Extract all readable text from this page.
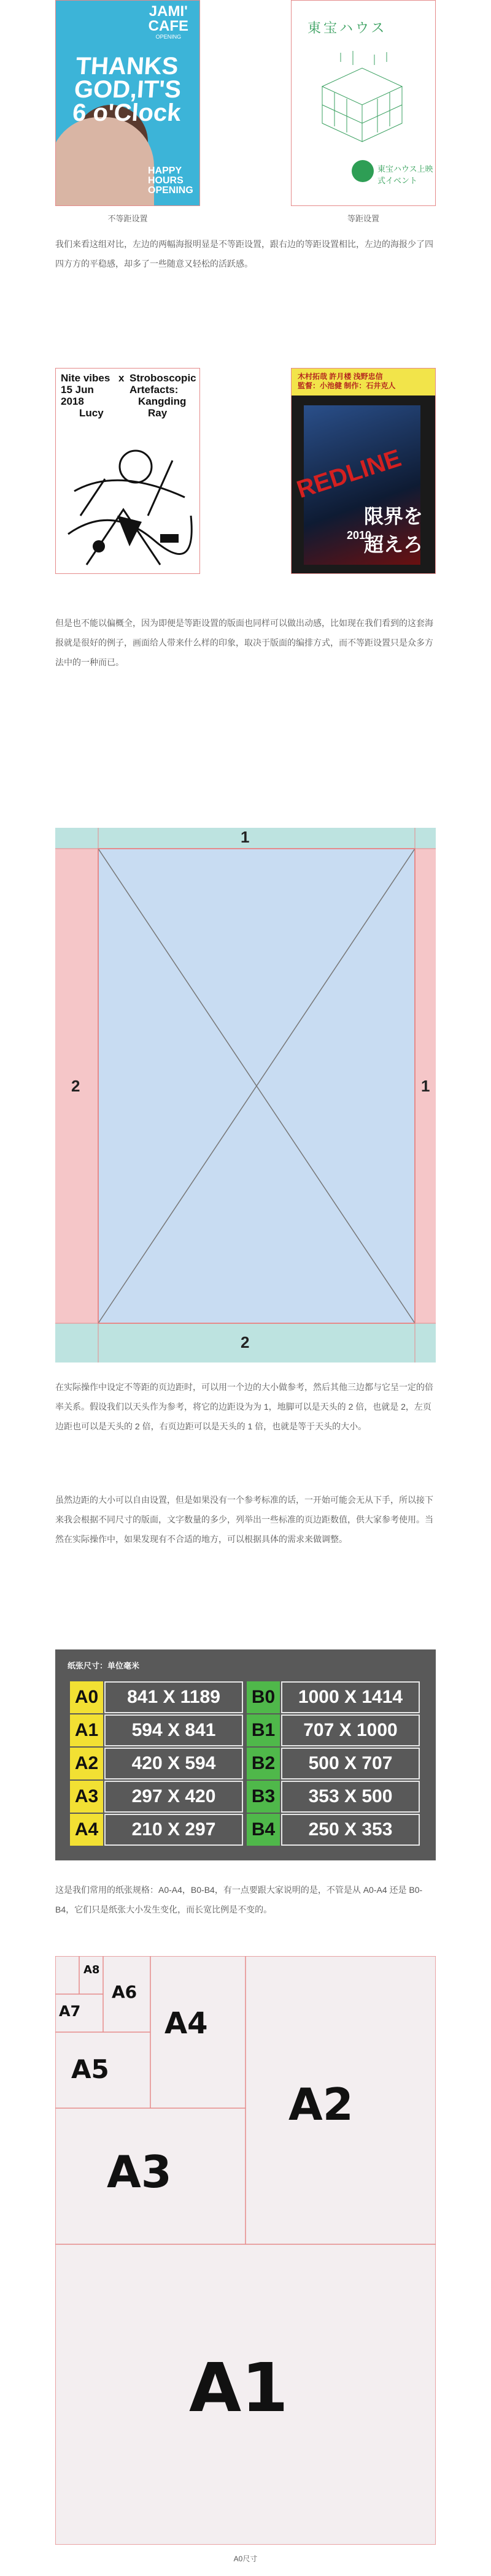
JAMI'
CAFE
OPENING
THANKS
GOD,IT'S
6 o'Clock
HAPPY
HOURS
OPENING
東宝ハウス
東宝ハウス上映式イベント
不等距设置	等距设置
我们来看这组对比，左边的两幅海报明显是不等距设置，跟右边的等距设置相比，左边的海报少了四四方方的平稳感，却多了一些随意又轻松的活跃感。
Nite vibes
15 Jun
2018
Lucy
x Stroboscopic
Artefacts:
Kangding
Ray
木村拓哉 許月楼 浅野忠信
監督：小池健 制作：石井克人
REDLINE
限界を超えろ
2010
但是也不能以偏概全，因为即便是等距设置的版面也同样可以做出动感，比如现在我们看到的这套海报就是很好的例子，画面给人带来什么样的印象，取决于版面的编排方式，而不等距设置只是众多方法中的一种而已。
1
2	1
2
在实际操作中设定不等距的页边距时，可以用一个边的大小做参考，然后其他三边都与它呈一定的倍率关系。假设我们以天头作为参考，将它的边距设为为 1，地脚可以是天头的 2 倍，也就是 2，左页边距也可以是天头的 2 倍，右页边距可以是天头的 1 倍，也就是等于天头的大小。
虽然边距的大小可以自由设置，但是如果没有一个参考标准的话，一开始可能会无从下手，所以接下来我会根据不同尺寸的版面，文字数量的多少，列举出一些标准的页边距数值，供大家参考使用。当然在实际操作中，如果发现有不合适的地方，可以根据具体的需求来做调整。
纸张尺寸：单位毫米
A0	841 X 1189
A1	594 X 841
A2	420 X 594
A3	297 X 420
A4	210 X 297
B0	1000 X 1414
B1	707 X 1000
B2	500 X 707
B3	353 X 500
B4	250 X 353
这是我们常用的纸张规格：A0-A4，B0-B4，有一点要跟大家说明的是，不管是从 A0-A4 还是 B0-B4，它们只是纸张大小发生变化，而长宽比例是不变的。
A8
A7
A6
A5
A4
A3
A2
A1
A0尺寸
